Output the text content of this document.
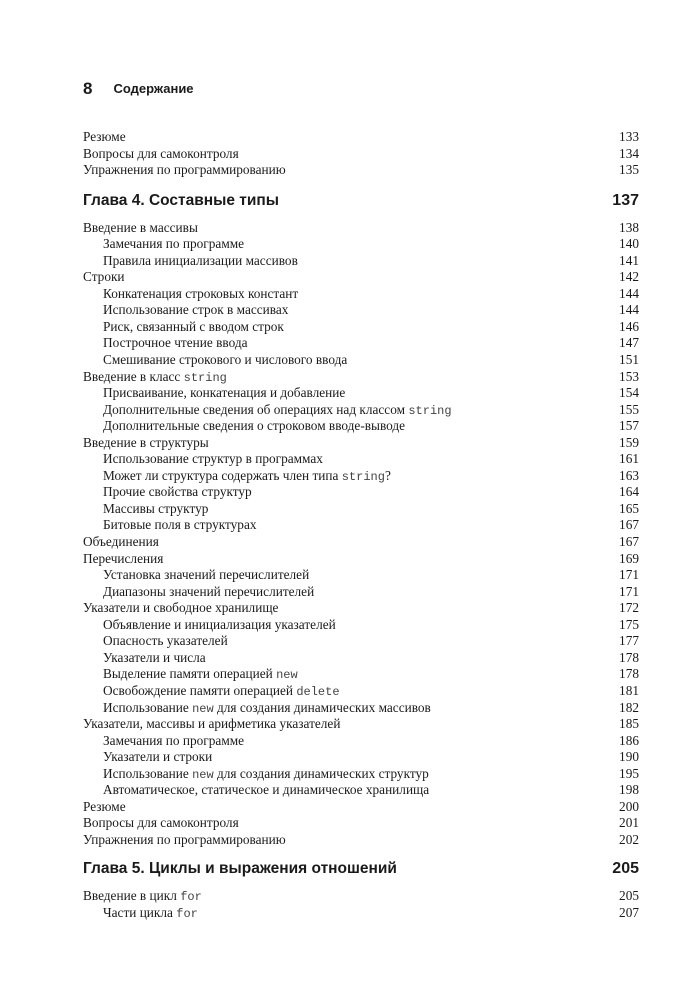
8 Содержание
Резюме	133
Вопросы для самоконтроля	134
Упражнения по программированию	135
Глава 4. Составные типы	137
Введение в массивы	138
Замечания по программе	140
Правила инициализации массивов	141
Строки	142
Конкатенация строковых констант	144
Использование строк в массивах	144
Риск, связанный с вводом строк	146
Построчное чтение ввода	147
Смешивание строкового и числового ввода	151
Введение в класс string	153
Присваивание, конкатенация и добавление	154
Дополнительные сведения об операциях над классом string	155
Дополнительные сведения о строковом вводе-выводе	157
Введение в структуры	159
Использование структур в программах	161
Может ли структура содержать член типа string?	163
Прочие свойства структур	164
Массивы структур	165
Битовые поля в структурах	167
Объединения	167
Перечисления	169
Установка значений перечислителей	171
Диапазоны значений перечислителей	171
Указатели и свободное хранилище	172
Объявление и инициализация указателей	175
Опасность указателей	177
Указатели и числа	178
Выделение памяти операцией new	178
Освобождение памяти операцией delete	181
Использование new для создания динамических массивов	182
Указатели, массивы и арифметика указателей	185
Замечания по программе	186
Указатели и строки	190
Использование new для создания динамических структур	195
Автоматическое, статическое и динамическое хранилища	198
Резюме	200
Вопросы для самоконтроля	201
Упражнения по программированию	202
Глава 5. Циклы и выражения отношений	205
Введение в цикл for	205
Части цикла for	207
